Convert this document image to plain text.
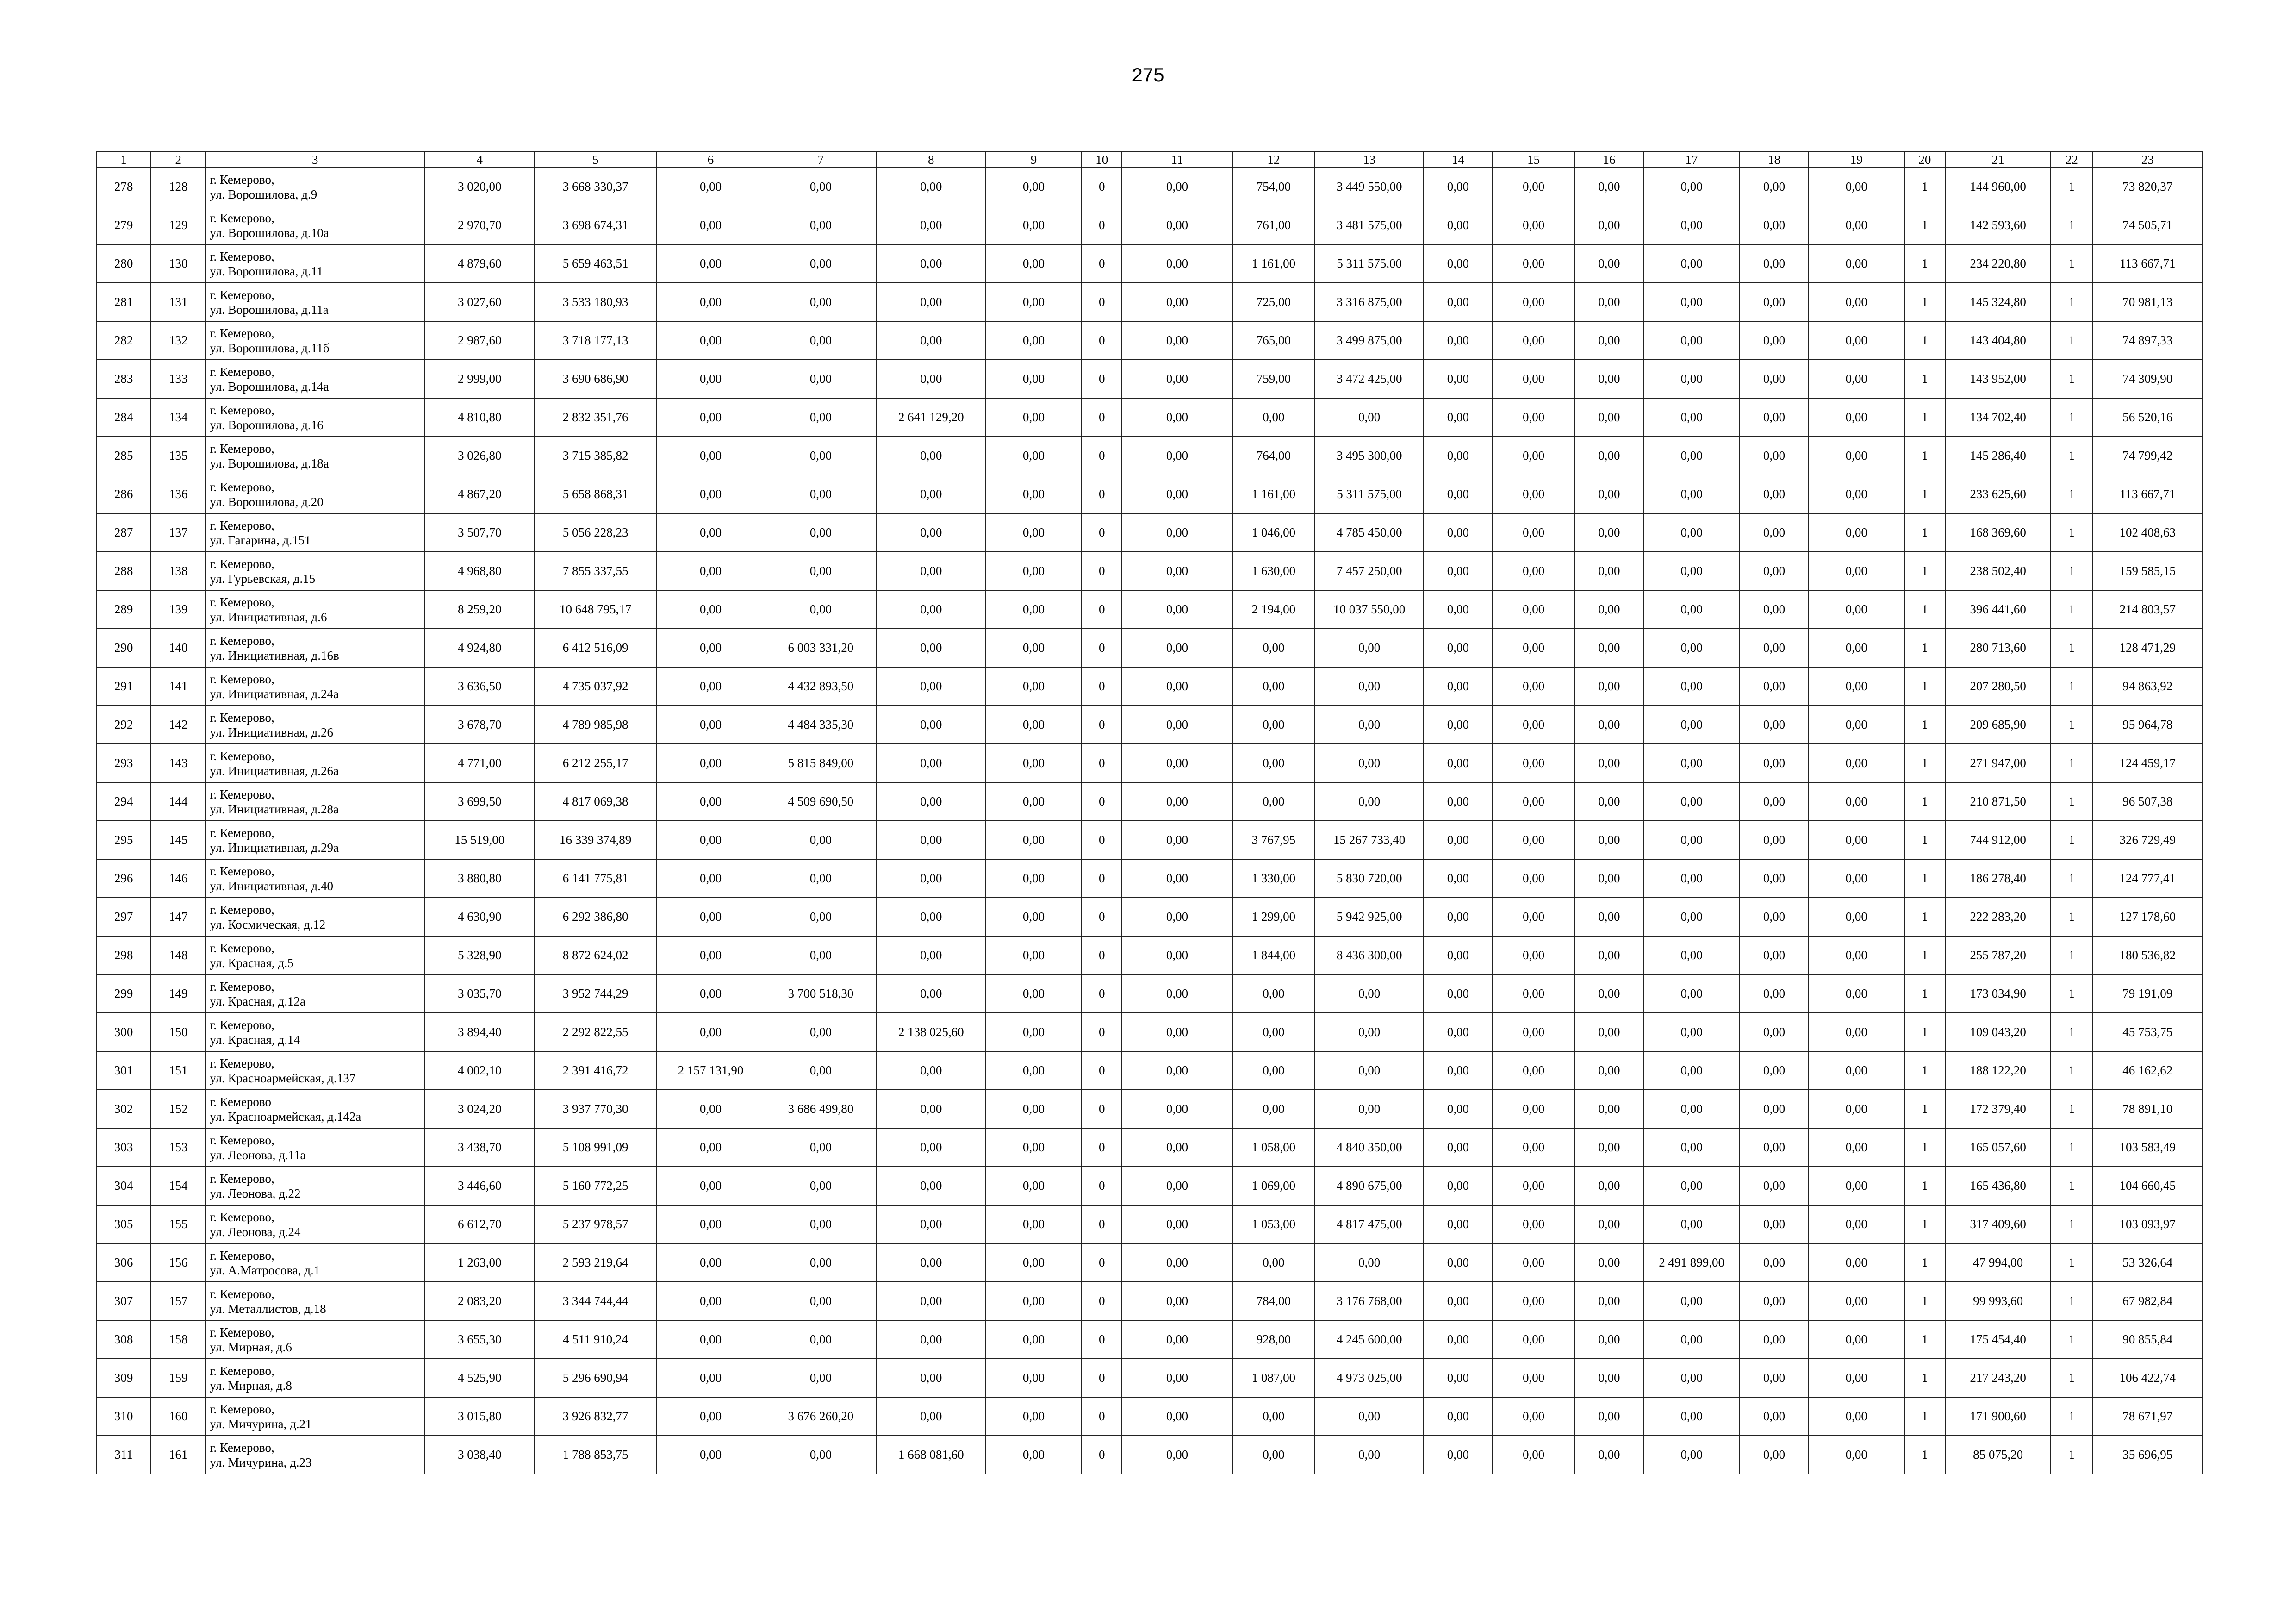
275
1	2	3	4	5	6	7	8	9	10	11	12	13	14	15	16	17	18	19	20	21	22	23
278	128	г. Кемерово,
ул. Ворошилова, д.9	3 020,00	3 668 330,37	0,00	0,00	0,00	0,00	0	0,00	754,00	3 449 550,00	0,00	0,00	0,00	0,00	0,00	0,00	1	144 960,00	1	73 820,37
279	129	г. Кемерово,
ул. Ворошилова, д.10а	2 970,70	3 698 674,31	0,00	0,00	0,00	0,00	0	0,00	761,00	3 481 575,00	0,00	0,00	0,00	0,00	0,00	0,00	1	142 593,60	1	74 505,71
280	130	г. Кемерово,
ул. Ворошилова, д.11	4 879,60	5 659 463,51	0,00	0,00	0,00	0,00	0	0,00	1 161,00	5 311 575,00	0,00	0,00	0,00	0,00	0,00	0,00	1	234 220,80	1	113 667,71
281	131	г. Кемерово,
ул. Ворошилова, д.11а	3 027,60	3 533 180,93	0,00	0,00	0,00	0,00	0	0,00	725,00	3 316 875,00	0,00	0,00	0,00	0,00	0,00	0,00	1	145 324,80	1	70 981,13
282	132	г. Кемерово,
ул. Ворошилова, д.11б	2 987,60	3 718 177,13	0,00	0,00	0,00	0,00	0	0,00	765,00	3 499 875,00	0,00	0,00	0,00	0,00	0,00	0,00	1	143 404,80	1	74 897,33
283	133	г. Кемерово,
ул. Ворошилова, д.14а	2 999,00	3 690 686,90	0,00	0,00	0,00	0,00	0	0,00	759,00	3 472 425,00	0,00	0,00	0,00	0,00	0,00	0,00	1	143 952,00	1	74 309,90
284	134	г. Кемерово,
ул. Ворошилова, д.16	4 810,80	2 832 351,76	0,00	0,00	2 641 129,20	0,00	0	0,00	0,00	0,00	0,00	0,00	0,00	0,00	0,00	0,00	1	134 702,40	1	56 520,16
285	135	г. Кемерово,
ул. Ворошилова, д.18а	3 026,80	3 715 385,82	0,00	0,00	0,00	0,00	0	0,00	764,00	3 495 300,00	0,00	0,00	0,00	0,00	0,00	0,00	1	145 286,40	1	74 799,42
286	136	г. Кемерово,
ул. Ворошилова, д.20	4 867,20	5 658 868,31	0,00	0,00	0,00	0,00	0	0,00	1 161,00	5 311 575,00	0,00	0,00	0,00	0,00	0,00	0,00	1	233 625,60	1	113 667,71
287	137	г. Кемерово,
ул. Гагарина, д.151	3 507,70	5 056 228,23	0,00	0,00	0,00	0,00	0	0,00	1 046,00	4 785 450,00	0,00	0,00	0,00	0,00	0,00	0,00	1	168 369,60	1	102 408,63
288	138	г. Кемерово,
ул. Гурьевская, д.15	4 968,80	7 855 337,55	0,00	0,00	0,00	0,00	0	0,00	1 630,00	7 457 250,00	0,00	0,00	0,00	0,00	0,00	0,00	1	238 502,40	1	159 585,15
289	139	г. Кемерово,
ул. Инициативная, д.6	8 259,20	10 648 795,17	0,00	0,00	0,00	0,00	0	0,00	2 194,00	10 037 550,00	0,00	0,00	0,00	0,00	0,00	0,00	1	396 441,60	1	214 803,57
290	140	г. Кемерово,
ул. Инициативная, д.16в	4 924,80	6 412 516,09	0,00	6 003 331,20	0,00	0,00	0	0,00	0,00	0,00	0,00	0,00	0,00	0,00	0,00	0,00	1	280 713,60	1	128 471,29
291	141	г. Кемерово,
ул. Инициативная, д.24а	3 636,50	4 735 037,92	0,00	4 432 893,50	0,00	0,00	0	0,00	0,00	0,00	0,00	0,00	0,00	0,00	0,00	0,00	1	207 280,50	1	94 863,92
292	142	г. Кемерово,
ул. Инициативная, д.26	3 678,70	4 789 985,98	0,00	4 484 335,30	0,00	0,00	0	0,00	0,00	0,00	0,00	0,00	0,00	0,00	0,00	0,00	1	209 685,90	1	95 964,78
293	143	г. Кемерово,
ул. Инициативная, д.26а	4 771,00	6 212 255,17	0,00	5 815 849,00	0,00	0,00	0	0,00	0,00	0,00	0,00	0,00	0,00	0,00	0,00	0,00	1	271 947,00	1	124 459,17
294	144	г. Кемерово,
ул. Инициативная, д.28а	3 699,50	4 817 069,38	0,00	4 509 690,50	0,00	0,00	0	0,00	0,00	0,00	0,00	0,00	0,00	0,00	0,00	0,00	1	210 871,50	1	96 507,38
295	145	г. Кемерово,
ул. Инициативная, д.29а	15 519,00	16 339 374,89	0,00	0,00	0,00	0,00	0	0,00	3 767,95	15 267 733,40	0,00	0,00	0,00	0,00	0,00	0,00	1	744 912,00	1	326 729,49
296	146	г. Кемерово,
ул. Инициативная, д.40	3 880,80	6 141 775,81	0,00	0,00	0,00	0,00	0	0,00	1 330,00	5 830 720,00	0,00	0,00	0,00	0,00	0,00	0,00	1	186 278,40	1	124 777,41
297	147	г. Кемерово,
ул. Космическая, д.12	4 630,90	6 292 386,80	0,00	0,00	0,00	0,00	0	0,00	1 299,00	5 942 925,00	0,00	0,00	0,00	0,00	0,00	0,00	1	222 283,20	1	127 178,60
298	148	г. Кемерово,
ул. Красная, д.5	5 328,90	8 872 624,02	0,00	0,00	0,00	0,00	0	0,00	1 844,00	8 436 300,00	0,00	0,00	0,00	0,00	0,00	0,00	1	255 787,20	1	180 536,82
299	149	г. Кемерово,
ул. Красная, д.12а	3 035,70	3 952 744,29	0,00	3 700 518,30	0,00	0,00	0	0,00	0,00	0,00	0,00	0,00	0,00	0,00	0,00	0,00	1	173 034,90	1	79 191,09
300	150	г. Кемерово,
ул. Красная, д.14	3 894,40	2 292 822,55	0,00	0,00	2 138 025,60	0,00	0	0,00	0,00	0,00	0,00	0,00	0,00	0,00	0,00	0,00	1	109 043,20	1	45 753,75
301	151	г. Кемерово,
ул. Красноармейская, д.137	4 002,10	2 391 416,72	2 157 131,90	0,00	0,00	0,00	0	0,00	0,00	0,00	0,00	0,00	0,00	0,00	0,00	0,00	1	188 122,20	1	46 162,62
302	152	г. Кемерово
ул. Красноармейская, д.142а	3 024,20	3 937 770,30	0,00	3 686 499,80	0,00	0,00	0	0,00	0,00	0,00	0,00	0,00	0,00	0,00	0,00	0,00	1	172 379,40	1	78 891,10
303	153	г. Кемерово,
ул. Леонова, д.11а	3 438,70	5 108 991,09	0,00	0,00	0,00	0,00	0	0,00	1 058,00	4 840 350,00	0,00	0,00	0,00	0,00	0,00	0,00	1	165 057,60	1	103 583,49
304	154	г. Кемерово,
ул. Леонова, д.22	3 446,60	5 160 772,25	0,00	0,00	0,00	0,00	0	0,00	1 069,00	4 890 675,00	0,00	0,00	0,00	0,00	0,00	0,00	1	165 436,80	1	104 660,45
305	155	г. Кемерово,
ул. Леонова, д.24	6 612,70	5 237 978,57	0,00	0,00	0,00	0,00	0	0,00	1 053,00	4 817 475,00	0,00	0,00	0,00	0,00	0,00	0,00	1	317 409,60	1	103 093,97
306	156	г. Кемерово,
ул. А.Матросова, д.1	1 263,00	2 593 219,64	0,00	0,00	0,00	0,00	0	0,00	0,00	0,00	0,00	0,00	0,00	2 491 899,00	0,00	0,00	1	47 994,00	1	53 326,64
307	157	г. Кемерово,
ул. Металлистов, д.18	2 083,20	3 344 744,44	0,00	0,00	0,00	0,00	0	0,00	784,00	3 176 768,00	0,00	0,00	0,00	0,00	0,00	0,00	1	99 993,60	1	67 982,84
308	158	г. Кемерово,
ул. Мирная, д.6	3 655,30	4 511 910,24	0,00	0,00	0,00	0,00	0	0,00	928,00	4 245 600,00	0,00	0,00	0,00	0,00	0,00	0,00	1	175 454,40	1	90 855,84
309	159	г. Кемерово,
ул. Мирная, д.8	4 525,90	5 296 690,94	0,00	0,00	0,00	0,00	0	0,00	1 087,00	4 973 025,00	0,00	0,00	0,00	0,00	0,00	0,00	1	217 243,20	1	106 422,74
310	160	г. Кемерово,
ул. Мичурина, д.21	3 015,80	3 926 832,77	0,00	3 676 260,20	0,00	0,00	0	0,00	0,00	0,00	0,00	0,00	0,00	0,00	0,00	0,00	1	171 900,60	1	78 671,97
311	161	г. Кемерово,
ул. Мичурина, д.23	3 038,40	1 788 853,75	0,00	0,00	1 668 081,60	0,00	0	0,00	0,00	0,00	0,00	0,00	0,00	0,00	0,00	0,00	1	85 075,20	1	35 696,95
